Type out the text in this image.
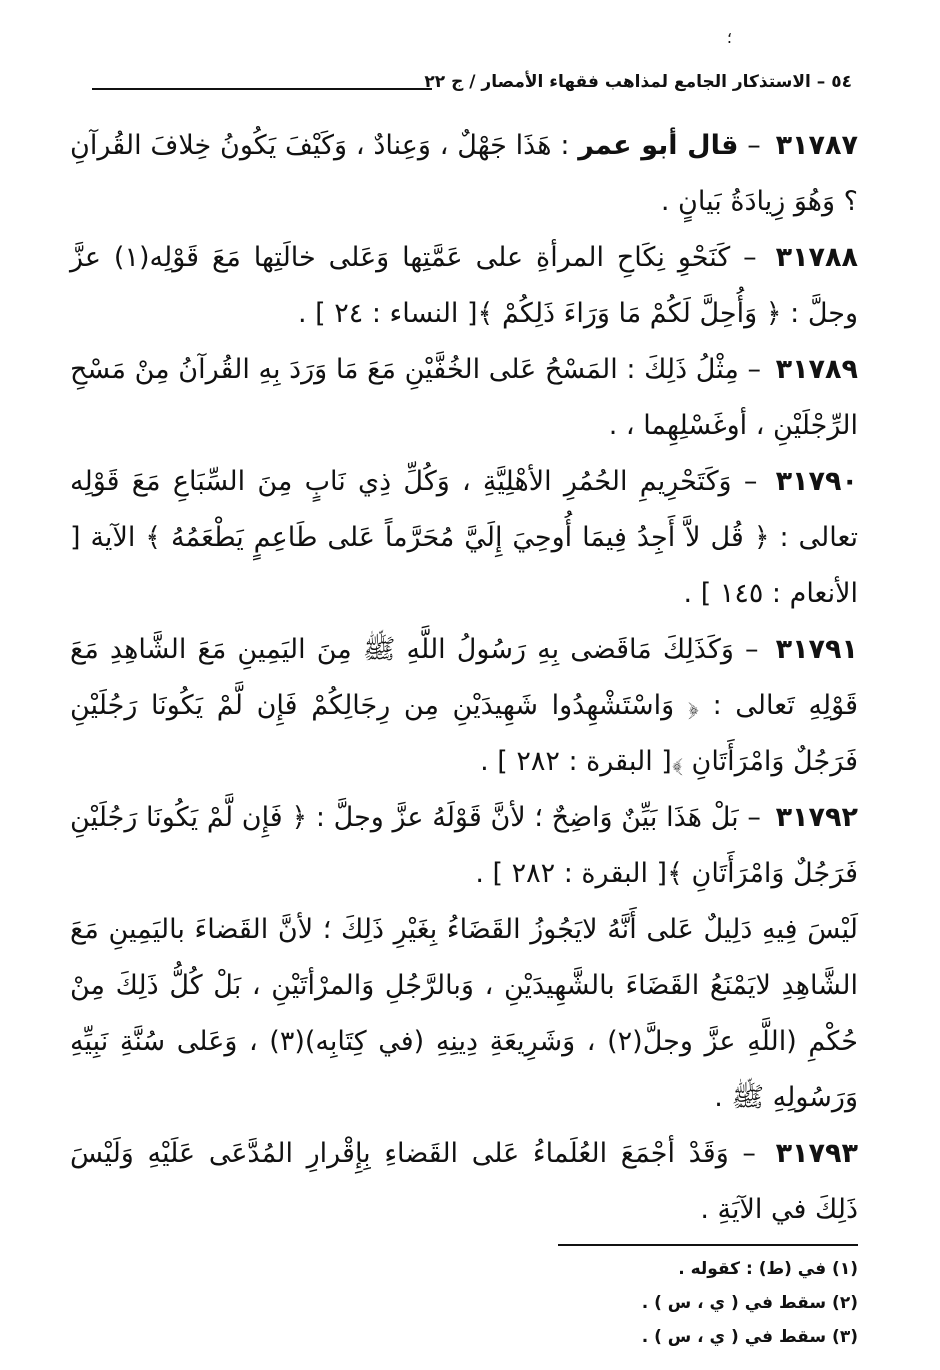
؛
٥٤ – الاستذكار الجامع لمذاهب فقهاء الأمصار / ج ٢٢

٣١٧٨٧ – قال أبو عمر : هَذَا جَهْلٌ ، وَعِنادٌ ، وَكَيْفَ يَكُونُ خِلافَ القُرآنِ ؟ وَهُوَ زِيادَةُ بَيانٍ .

٣١٧٨٨ – كَنَحْوِ نِكَاحِ المرأةِ على عَمَّتِها وَعَلى خالَتِها مَعَ قَوْلِه(١) عزَّ وجلَّ : ﴿ وَأُحِلَّ لَكُمْ مَا وَرَاءَ ذَلِكُمْ ﴾[ النساء : ٢٤ ] .

٣١٧٨٩ – مِثْلُ ذَلِكَ : المَسْحُ عَلى الخُفَّيْنِ مَعَ مَا وَرَدَ بِهِ القُرآنُ مِنْ مَسْحِ الرِّجْلَيْنِ ، أوغَسْلِهِما ، .

٣١٧٩٠ – وَكَتَحْرِيمِ الحُمُرِ الأهْلِيَّةِ ، وَكُلِّ ذِي نَابٍ مِنَ السِّبَاعِ مَعَ قَوْلِه تعالى : ﴿ قُل لاَّ أَجِدُ فِيمَا أُوحِيَ إِلَيَّ مُحَرَّماً عَلى طَاعِمٍ يَطْعَمُهُ ﴾ الآية [ الأنعام : ١٤٥ ] .

٣١٧٩١ – وَكَذَلِكَ مَاقَضى بِهِ رَسُولُ اللَّهِ ﷺ مِنَ اليَمِينِ مَعَ الشَّاهِدِ مَعَ قَوْلِهِ تَعالى : ﴿ وَاسْتَشْهِدُوا شَهِيدَيْنِ مِن رِجَالِكُمْ فَإِن لَّمْ يَكُونَا رَجُلَيْنِ فَرَجُلٌ وَامْرَأَتَانِ ﴾[ البقرة : ٢٨٢ ] .

٣١٧٩٢ – بَلْ هَذَا بَيِّنٌ وَاضِحٌ ؛ لأنَّ قَوْلَهُ عزَّ وجلَّ : ﴿ فَإِن لَّمْ يَكُونَا رَجُلَيْنِ فَرَجُلٌ وَامْرَأَتَانِ ﴾[ البقرة : ٢٨٢ ] .

لَيْسَ فِيهِ دَلِيلٌ عَلى أَنَّهُ لايَجُوزُ القَضَاءُ بِغَيْرِ ذَلِكَ ؛ لأنَّ القَضاءَ باليَمِينِ مَعَ الشَّاهِدِ لايَمْنَعُ القَضَاءَ بالشَّهِيدَيْنِ ، وَبالرَّجُلِ وَالمرْأتَيْنِ ، بَلْ كُلُّ ذَلِكَ مِنْ حُكْمِ (اللَّهِ عزَّ وجلَّ(٢) ، وَشَرِيعَةِ دِينِهِ (في كِتَابِه)(٣) ، وَعَلى سُنَّةِ نَبِيِّهِ وَرَسُولِهِ ﷺ .

٣١٧٩٣ – وَقَدْ أجْمَعَ العُلَماءُ عَلى القَضاءِ بِإِقْرارِ المُدَّعَى عَلَيْهِ وَلَيْسَ ذَلِكَ في الآيَةِ .

(١) في (ط) : كقوله .

(٢) سقط في ( ي ، س ) .

(٣) سقط في ( ي ، س ) .
